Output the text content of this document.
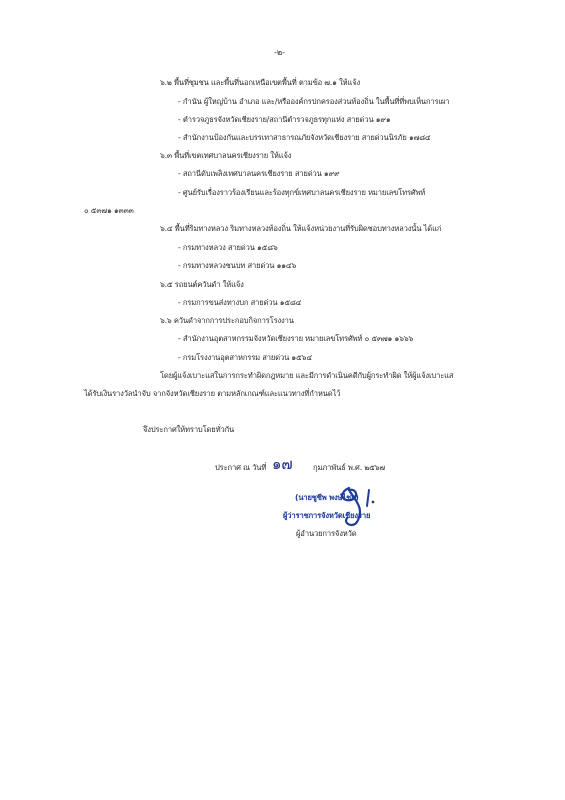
-๒-
๖.๒ พื้นที่ชุมชน และพื้นที่นอกเหนือเขตพื้นที่ ตามข้อ ๗.๑ ให้แจ้ง
- กำนัน ผู้ใหญ่บ้าน อำเภอ และ/หรือองค์กรปกครองส่วนท้องถิ่น ในพื้นที่ที่พบเห็นการเผา
- ตำรวจภูธรจังหวัดเชียงราย/สถานีตำรวจภูธรทุกแห่ง สายด่วน ๑๙๑
- สำนักงานป้องกันและบรรเทาสาธารณภัยจังหวัดเชียงราย สายด่วนนิรภัย ๑๗๘๔
๖.๓ พื้นที่เขตเทศบาลนครเชียงราย ให้แจ้ง
- สถานีดับเพลิงเทศบาลนครเชียงราย สายด่วน ๑๙๙
- ศูนย์รับเรื่องราวร้องเรียนและร้องทุกข์เทศบาลนครเชียงราย หมายเลขโทรศัพท์
๐ ๕๓๗๑ ๑๓๓๓
๖.๔ พื้นที่ริมทางหลวง ริมทางหลวงท้องถิ่น ให้แจ้งหน่วยงานที่รับผิดชอบทางหลวงนั้น ได้แก่
- กรมทางหลวง สายด่วน ๑๕๘๖
- กรมทางหลวงชนบท สายด่วน ๑๑๔๖
๖.๕ รถยนต์ควันดำ ให้แจ้ง
- กรมการขนส่งทางบก สายด่วน ๑๕๘๔
๖.๖ ควันดำจากการประกอบกิจการโรงงาน
- สำนักงานอุตสาหกรรมจังหวัดเชียงราย หมายเลขโทรศัพท์ ๐ ๕๓๗๑ ๑๖๖๖
- กรมโรงงานอุตสาหกรรม สายด่วน ๑๕๖๔
โดยผู้แจ้งเบาะแสในการกระทำผิดกฎหมาย และมีการดำเนินคดีกับผู้กระทำผิด ให้ผู้แจ้งเบาะแส
ได้รับเงินรางวัลนำจับ จากจังหวัดเชียงราย ตามหลักเกณฑ์และแนวทางที่กำหนดไว้
จึงประกาศให้ทราบโดยทั่วกัน
ประกาศ ณ วันที่ ๑๗	กุมภาพันธ์ พ.ศ. ๒๕๖๗
(นายชูชีพ พงษ์ไชย)
ผู้ว่าราชการจังหวัดเชียงราย
ผู้อำนวยการจังหวัด
